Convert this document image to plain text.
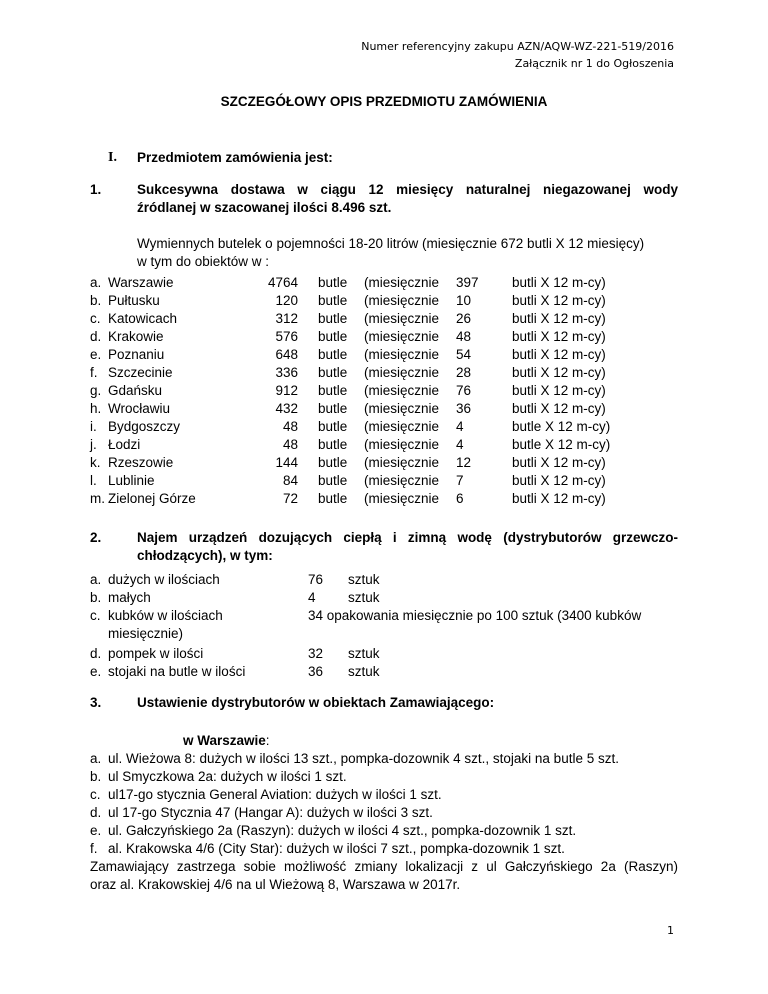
Numer referencyjny zakupu AZN/AQW-WZ-221-519/2016
Załącznik nr 1 do Ogłoszenia
SZCZEGÓŁOWY OPIS PRZEDMIOTU ZAMÓWIENIA
I. Przedmiotem zamówienia jest:
1.	Sukcesywna dostawa w ciągu 12 miesięcy naturalnej niegazowanej wody
źródlanej w szacowanej ilości 8.496 szt.
Wymiennych butelek o pojemności 18-20 litrów (miesięcznie 672 butli X 12 miesięcy)
w tym do obiektów w :
a. Warszawie	4764 butle (miesięcznie 397 butli X 12 m-cy)
b. Pułtusku	120 butle (miesięcznie 10	butli X 12 m-cy)
c. Katowicach	312 butle (miesięcznie 26	butli X 12 m-cy)
d. Krakowie	576 butle (miesięcznie 48	butli X 12 m-cy)
e. Poznaniu	648 butle (miesięcznie 54	butli X 12 m-cy)
f. Szczecinie	336 butle (miesięcznie 28	butli X 12 m-cy)
g. Gdańsku	912 butle (miesięcznie 76	butli X 12 m-cy)
h. Wrocławiu	432 butle (miesięcznie 36	butli X 12 m-cy)
i. Bydgoszczy	48 butle (miesięcznie 4	butle X 12 m-cy)
j. Łodzi	48 butle (miesięcznie 4	butle X 12 m-cy)
k. Rzeszowie	144 butle (miesięcznie 12	butli X 12 m-cy)
l. Lublinie	84 butle (miesięcznie 7	butli X 12 m-cy)
m. Zielonej Górze	72 butle (miesięcznie 6	butli X 12 m-cy)
2.	Najem urządzeń dozujących ciepłą i zimną wodę (dystrybutorów grzewczo-
chłodzących), w tym:
a. dużych w ilościach	76 sztuk
b. małych	4 sztuk
c. kubków w ilościach	34 opakowania miesięcznie po 100 sztuk (3400 kubków
miesięcznie)
d. pompek w ilości	32 sztuk
e. stojaki na butle w ilości	36 sztuk
3.	Ustawienie dystrybutorów w obiektach Zamawiającego:
w Warszawie:
a. ul. Wieżowa 8: dużych w ilości 13 szt., pompka-dozownik 4 szt., stojaki na butle 5 szt.
b. ul Smyczkowa 2a: dużych w ilości 1 szt.
c. ul17-go stycznia General Aviation: dużych w ilości 1 szt.
d. ul 17-go Stycznia 47 (Hangar A): dużych w ilości 3 szt.
e. ul. Gałczyńskiego 2a (Raszyn): dużych w ilości 4 szt., pompka-dozownik 1 szt.
f. al. Krakowska 4/6 (City Star): dużych w ilości 7 szt., pompka-dozownik 1 szt.
Zamawiający zastrzega sobie możliwość zmiany lokalizacji z ul Gałczyńskiego 2a (Raszyn)
oraz al. Krakowskiej 4/6 na ul Wieżową 8, Warszawa w 2017r.
1
